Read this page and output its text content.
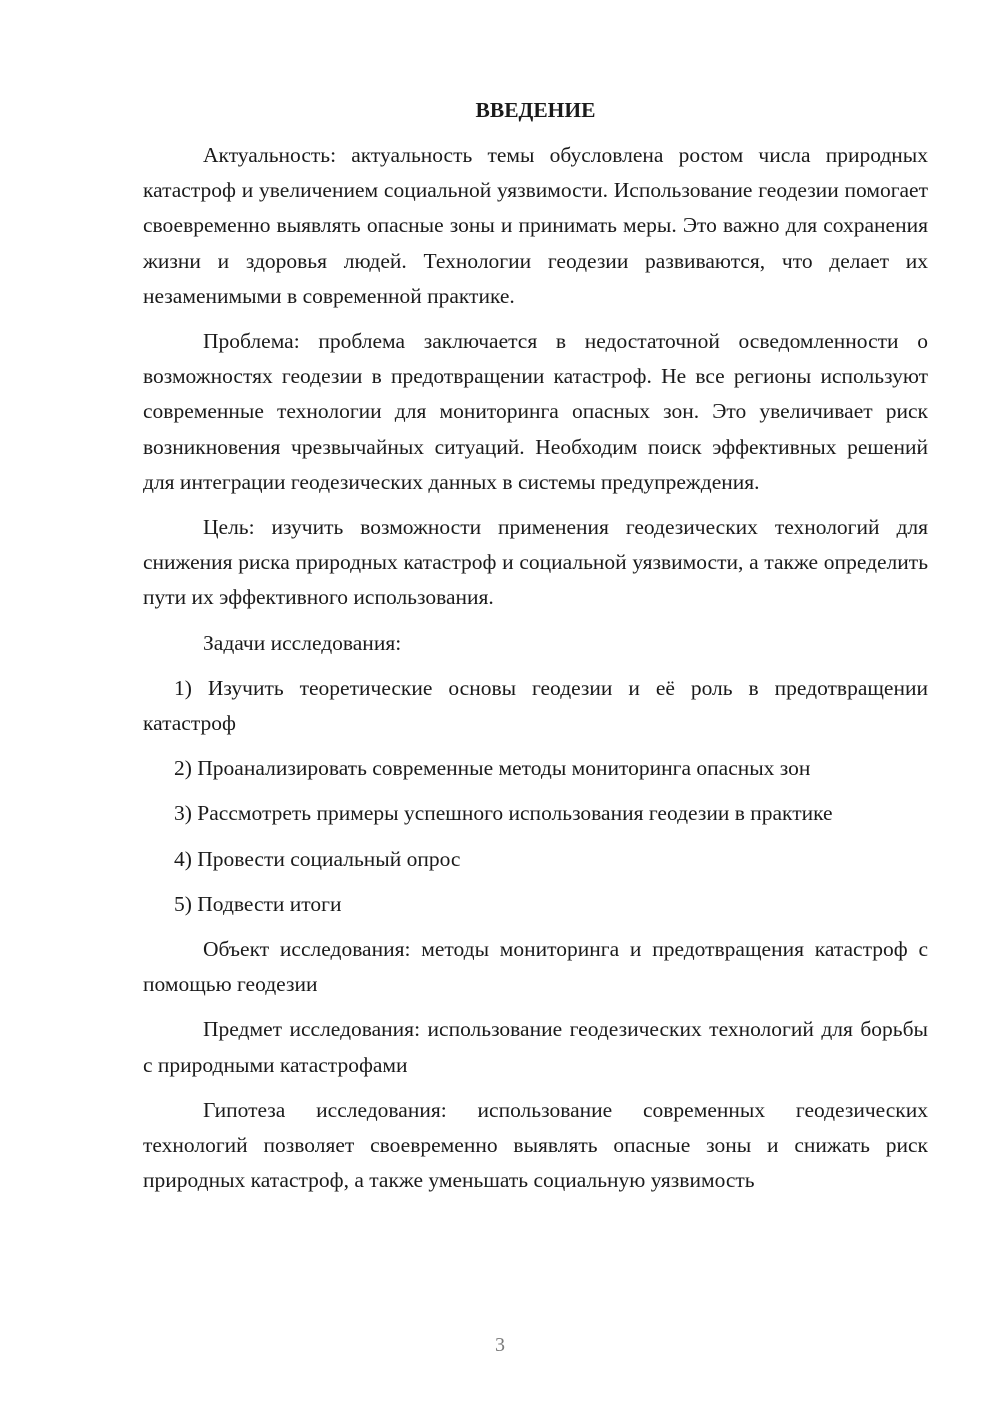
ВВЕДЕНИЕ

Актуальность: актуальность темы обусловлена ростом числа природных катастроф и увеличением социальной уязвимости. Использование геодезии помогает своевременно выявлять опасные зоны и принимать меры. Это важно для сохранения жизни и здоровья людей. Технологии геодезии развиваются, что делает их незаменимыми в современной практике.

Проблема: проблема заключается в недостаточной осведомленности о возможностях геодезии в предотвращении катастроф. Не все регионы используют современные технологии для мониторинга опасных зон. Это увеличивает риск возникновения чрезвычайных ситуаций. Необходим поиск эффективных решений для интеграции геодезических данных в системы предупреждения.

Цель: изучить возможности применения геодезических технологий для снижения риска природных катастроф и социальной уязвимости, а также определить пути их эффективного использования.

Задачи исследования:

1) Изучить теоретические основы геодезии и её роль в предотвращении катастроф

2) Проанализировать современные методы мониторинга опасных зон

3) Рассмотреть примеры успешного использования геодезии в практике

4) Провести социальный опрос

5) Подвести итоги

Объект исследования: методы мониторинга и предотвращения катастроф с помощью геодезии

Предмет исследования: использование геодезических технологий для борьбы с природными катастрофами

Гипотеза исследования: использование современных геодезических технологий позволяет своевременно выявлять опасные зоны и снижать риск природных катастроф, а также уменьшать социальную уязвимость

3
